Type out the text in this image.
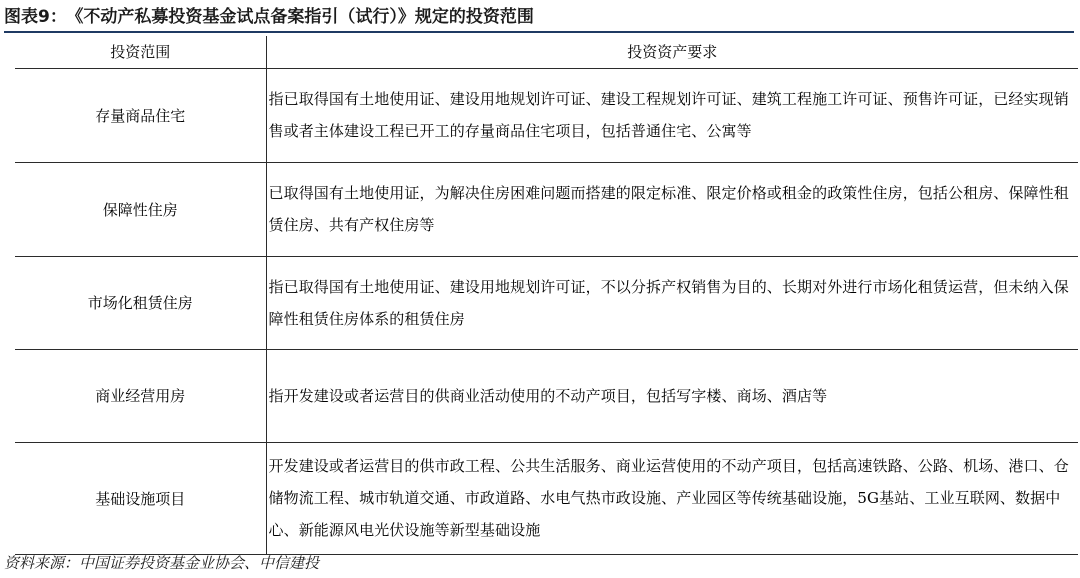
图表9： 《不动产私募投资基金试点备案指引（试行）》规定的投资范围
投资范围	投资资产要求
存量商品住宅	指已取得国有土地使用证、建设用地规划许可证、建设工程规划许可证、建筑工程施工许可证、预售许可证，已经实现销售或者主体建设工程已开工的存量商品住宅项目，包括普通住宅、公寓等
保障性住房	已取得国有土地使用证，为解决住房困难问题而搭建的限定标准、限定价格或租金的政策性住房，包括公租房、保障性租赁住房、共有产权住房等
市场化租赁住房	指已取得国有土地使用证、建设用地规划许可证，不以分拆产权销售为目的、长期对外进行市场化租赁运营，但未纳入保障性租赁住房体系的租赁住房
商业经营用房	指开发建设或者运营目的供商业活动使用的不动产项目，包括写字楼、商场、酒店等
基础设施项目	开发建设或者运营目的供市政工程、公共生活服务、商业运营使用的不动产项目，包括高速铁路、公路、机场、港口、仓储物流工程、城市轨道交通、市政道路、水电气热市政设施、产业园区等传统基础设施，5G基站、工业互联网、数据中心、新能源风电光伏设施等新型基础设施
资料来源：中国证券投资基金业协会、中信建投
